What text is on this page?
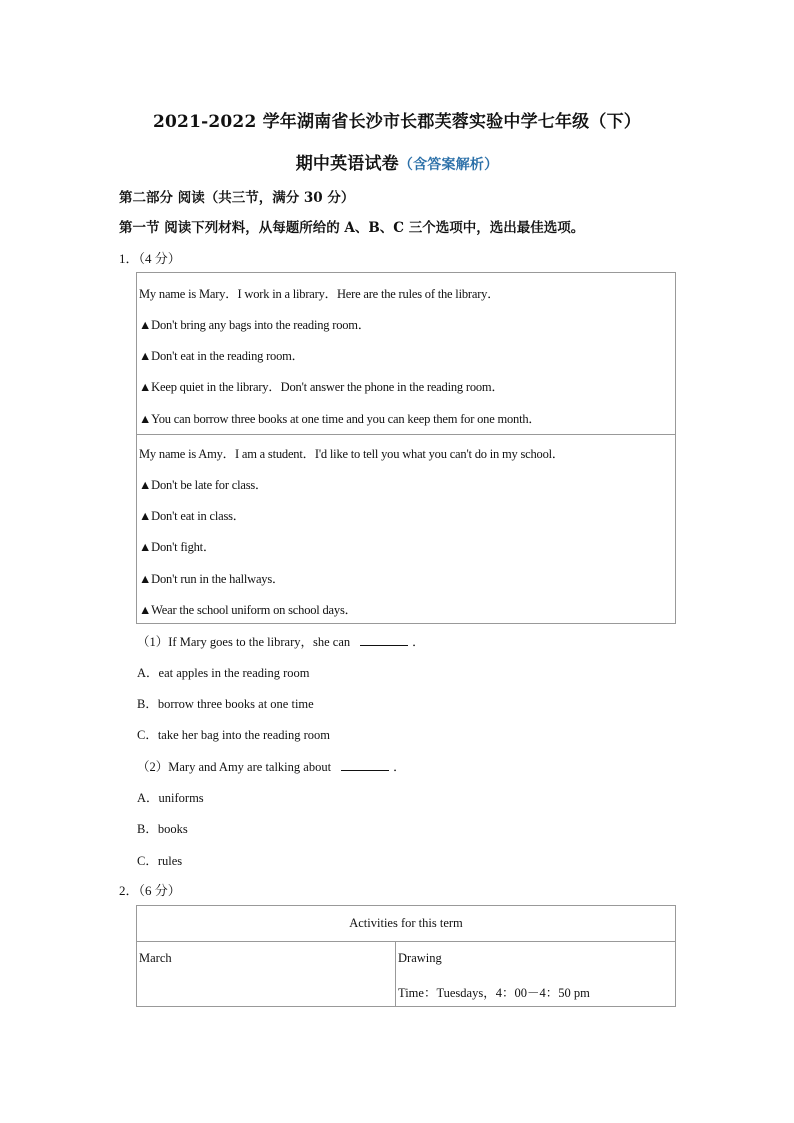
2021-2022 学年湖南省长沙市长郡芙蓉实验中学七年级（下）
期中英语试卷（含答案解析）
第二部分 阅读（共三节，满分 30 分）
第一节 阅读下列材料，从每题所给的 A、B、C 三个选项中，选出最佳选项。
1．（4 分）
My name is Mary．I work in a library．Here are the rules of the library．
▲Don't bring any bags into the reading room．
▲Don't eat in the reading room．
▲Keep quiet in the library．Don't answer the phone in the reading room．
▲You can borrow three books at one time and you can keep them for one month．
My name is Amy．I am a student．I'd like to tell you what you can't do in my school．
▲Don't be late for class．
▲Don't eat in class．
▲Don't fight．
▲Don't run in the hallways．
▲Wear the school uniform on school days．
（1）If Mary goes to the library，she can	．
A．eat apples in the reading room
B．borrow three books at one time
C．take her bag into the reading room
（2）Mary and Amy are talking about	．
A．uniforms
B．books
C．rules
2．（6 分）
Activities for this term
March	Drawing
Time：Tuesdays，4：00－4：50 pm
